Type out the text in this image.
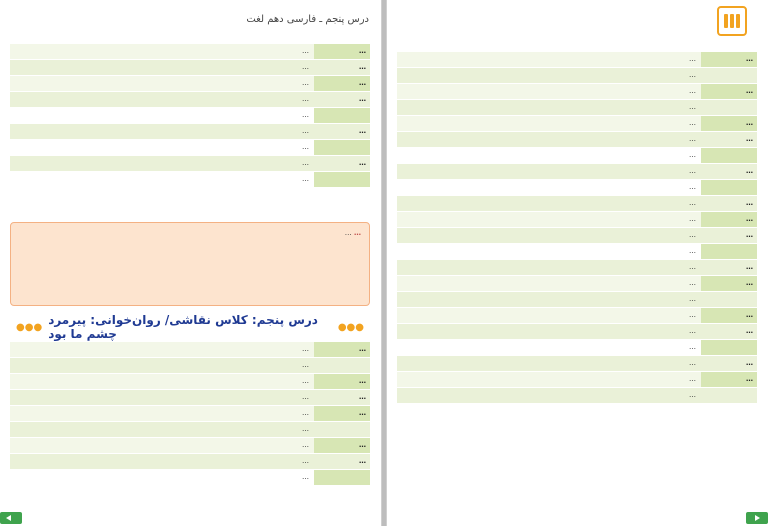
درس پنجم ـ فارسی دهم لغت
…
…
…
…
…
…
…
…
…
…
…
…
…
…
…
… …
●●● درس پنجم: کلاس نقاشی/ روان‌خوانی: پیرمرد چشم ما بود	●●●
…
…
…
…
…
…
…
…
…
…
…
…
…
…
…
…
…
…
…
…
…
…
…
…
…
…
…
…
…
…
…
…
…
…
…
…
…
…
…
…
…
…
…
…
…
…
…
…
…
…
…
